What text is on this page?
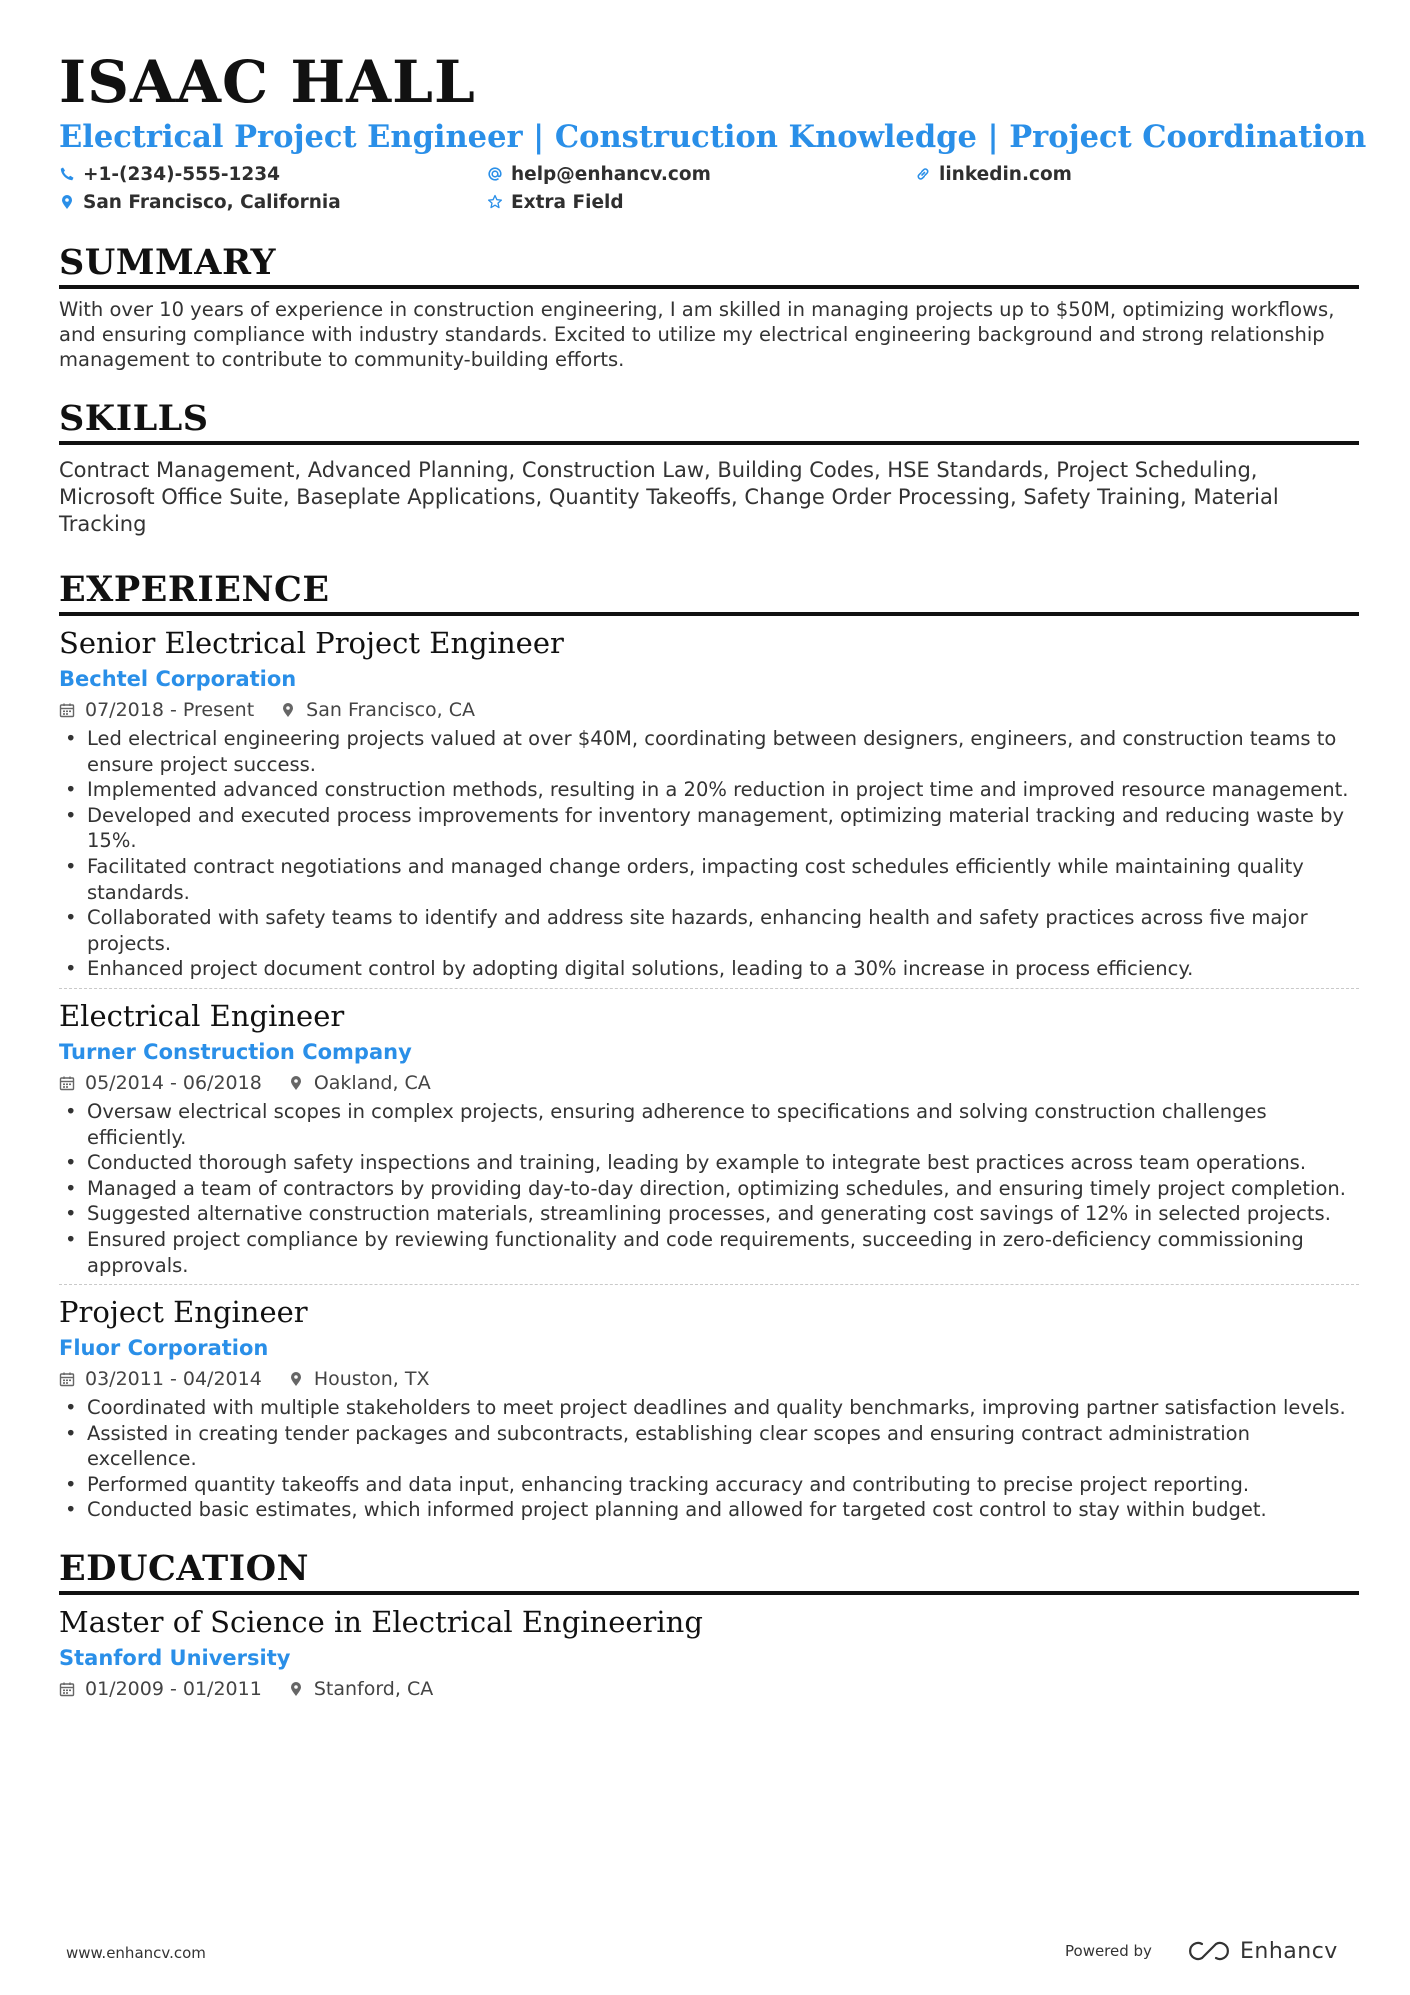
ISAAC HALL
Electrical Project Engineer | Construction Knowledge | Project Coordination
+1-(234)-555-1234	help@enhancv.com	linkedin.com
San Francisco, California	Extra Field
SUMMARY
With over 10 years of experience in construction engineering, I am skilled in managing projects up to $50M, optimizing workflows, and ensuring compliance with industry standards. Excited to utilize my electrical engineering background and strong relationship management to contribute to community-building efforts.
SKILLS
Contract Management, Advanced Planning, Construction Law, Building Codes, HSE Standards, Project Scheduling, Microsoft Office Suite, Baseplate Applications, Quantity Takeoffs, Change Order Processing, Safety Training, Material Tracking
EXPERIENCE
Senior Electrical Project Engineer
Bechtel Corporation
07/2018 - Present	San Francisco, CA
• Led electrical engineering projects valued at over $40M, coordinating between designers, engineers, and construction teams to ensure project success.
• Implemented advanced construction methods, resulting in a 20% reduction in project time and improved resource management.
• Developed and executed process improvements for inventory management, optimizing material tracking and reducing waste by 15%.
• Facilitated contract negotiations and managed change orders, impacting cost schedules efficiently while maintaining quality standards.
• Collaborated with safety teams to identify and address site hazards, enhancing health and safety practices across five major projects.
• Enhanced project document control by adopting digital solutions, leading to a 30% increase in process efficiency.
Electrical Engineer
Turner Construction Company
05/2014 - 06/2018	Oakland, CA
• Oversaw electrical scopes in complex projects, ensuring adherence to specifications and solving construction challenges efficiently.
• Conducted thorough safety inspections and training, leading by example to integrate best practices across team operations.
• Managed a team of contractors by providing day-to-day direction, optimizing schedules, and ensuring timely project completion.
• Suggested alternative construction materials, streamlining processes, and generating cost savings of 12% in selected projects.
• Ensured project compliance by reviewing functionality and code requirements, succeeding in zero-deficiency commissioning approvals.
Project Engineer
Fluor Corporation
03/2011 - 04/2014	Houston, TX
• Coordinated with multiple stakeholders to meet project deadlines and quality benchmarks, improving partner satisfaction levels.
• Assisted in creating tender packages and subcontracts, establishing clear scopes and ensuring contract administration excellence.
• Performed quantity takeoffs and data input, enhancing tracking accuracy and contributing to precise project reporting.
• Conducted basic estimates, which informed project planning and allowed for targeted cost control to stay within budget.
EDUCATION
Master of Science in Electrical Engineering
Stanford University
01/2009 - 01/2011	Stanford, CA
www.enhancv.com	Powered by	Enhancv
